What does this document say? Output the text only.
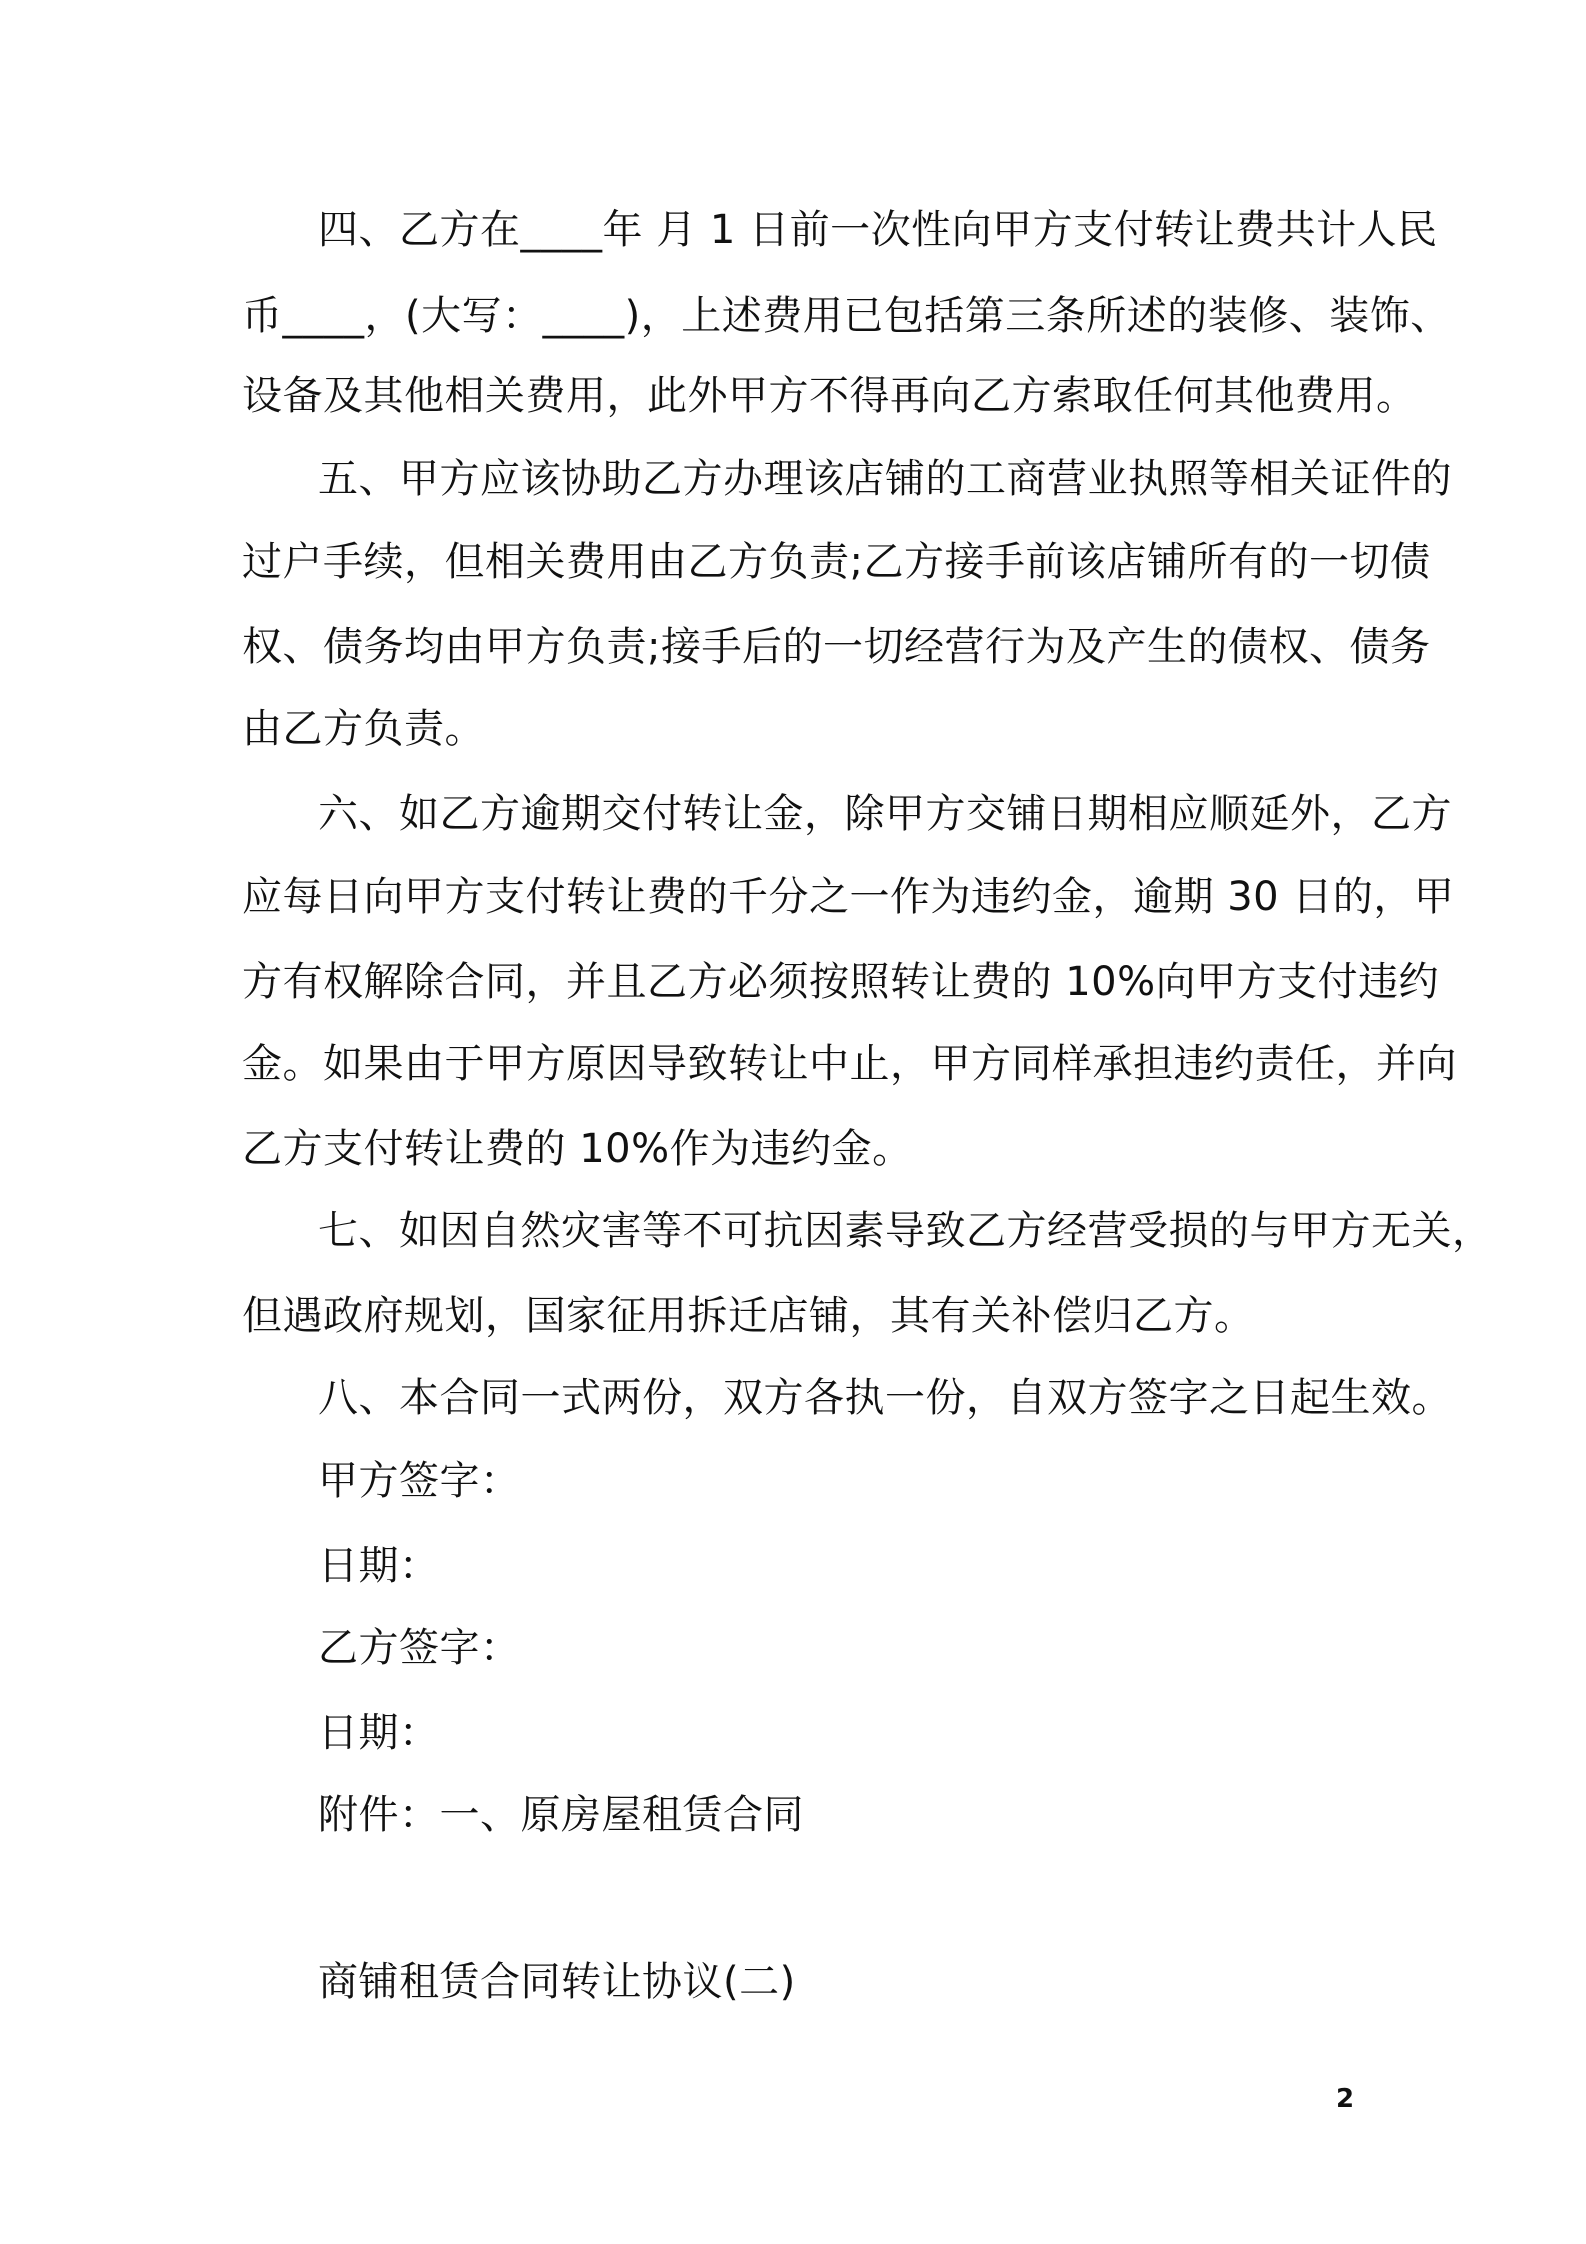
四、乙方在____年 月 1 日前一次性向甲方支付转让费共计人民
币____，(大写：____)，上述费用已包括第三条所述的装修、装饰、
设备及其他相关费用，此外甲方不得再向乙方索取任何其他费用。
五、甲方应该协助乙方办理该店铺的工商营业执照等相关证件的
过户手续，但相关费用由乙方负责;乙方接手前该店铺所有的一切债
权、债务均由甲方负责;接手后的一切经营行为及产生的债权、债务
由乙方负责。
六、如乙方逾期交付转让金，除甲方交铺日期相应顺延外，乙方
应每日向甲方支付转让费的千分之一作为违约金，逾期 30 日的，甲
方有权解除合同，并且乙方必须按照转让费的 10%向甲方支付违约
金。如果由于甲方原因导致转让中止，甲方同样承担违约责任，并向
乙方支付转让费的 10%作为违约金。
七、如因自然灾害等不可抗因素导致乙方经营受损的与甲方无关，
但遇政府规划，国家征用拆迁店铺，其有关补偿归乙方。
八、本合同一式两份，双方各执一份，自双方签字之日起生效。
甲方签字：
日期：
乙方签字：
日期：
附件：一、原房屋租赁合同
商铺租赁合同转让协议(二)
2
